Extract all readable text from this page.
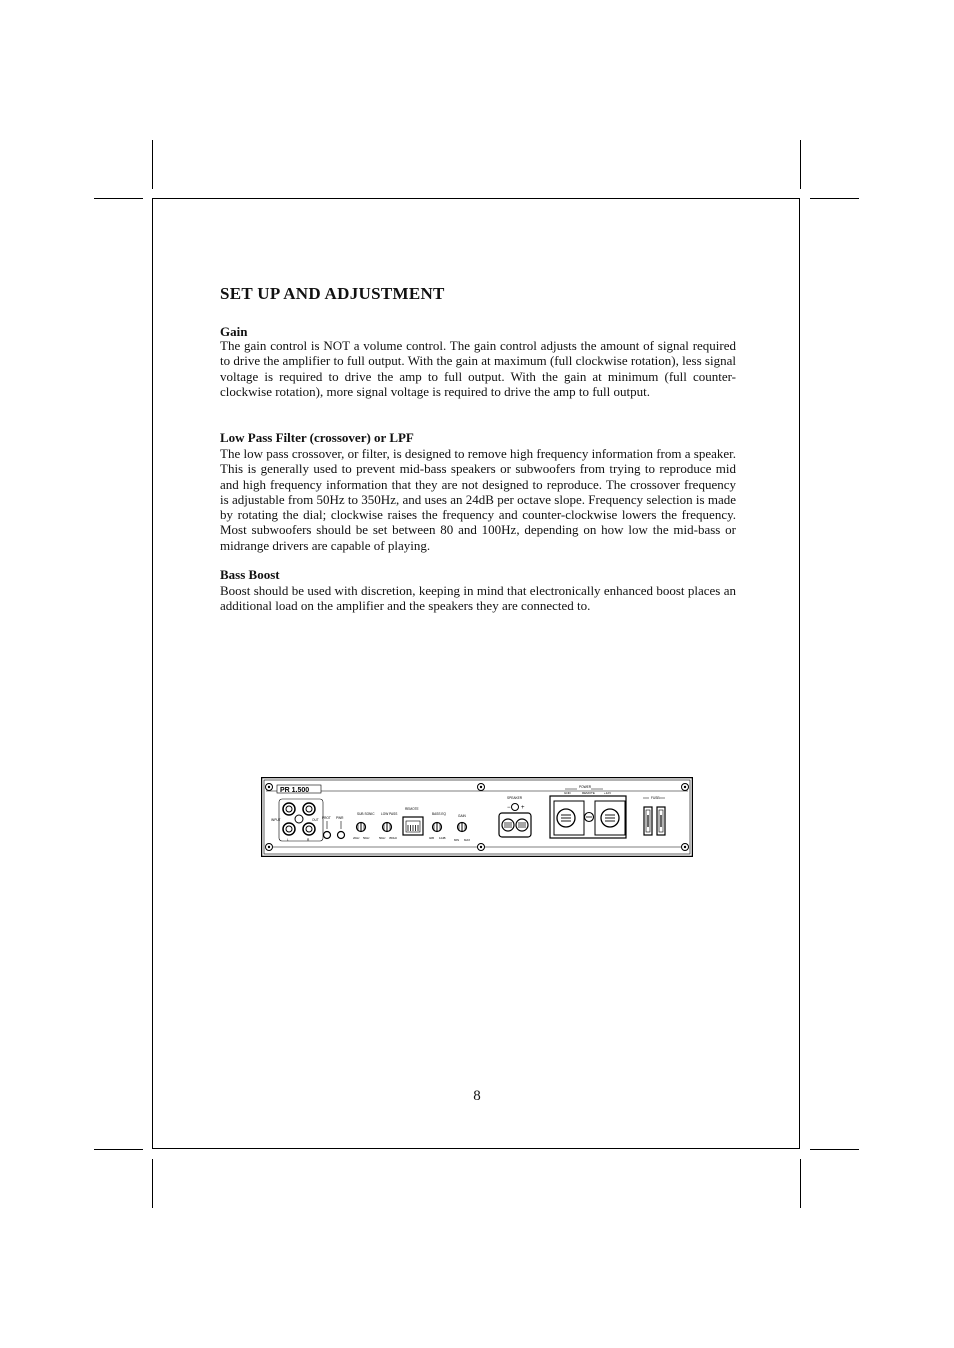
SET UP AND ADJUSTMENT
Gain

The gain control is NOT a volume control. The gain control adjusts the amount of signal required to drive the amplifier to full output. With the gain at maximum (full clockwise rotation), less signal voltage is required to drive the amp to full output. With the gain at minimum (full counter-clockwise rotation), more signal voltage is required to drive the amp to full output.

Low Pass Filter (crossover) or LPF

The low pass crossover, or filter, is designed to remove high frequency information from a speaker. This is generally used to prevent mid-bass speakers or subwoofers from trying to reproduce mid and high frequency information that they are not designed to reproduce. The crossover frequency is adjustable from 50Hz to 350Hz, and uses an 24dB per octave slope. Frequency selection is made by rotating the dial; clockwise raises the frequency and counter-clockwise lowers the frequency. Most subwoofers should be set between 80 and 100Hz, depending on how low the mid-bass or midrange drivers are capable of playing.

Bass Boost

Boost should be used with discretion, keeping in mind that electronically enhanced boost places an additional load on the amplifier and the speakers they are connected to.

PR 1.500
INPUT	OUT
L	R
PROT PWR
SUB SONIC
20Hz 50Hz
LOW PASS
50Hz 350Hz
REMOTE
BASS EQ
0dB 12dB
GAIN
MIN MAX
SPEAKER
− +
POWER
GND	REMOTE	+12V
FUSE
8
